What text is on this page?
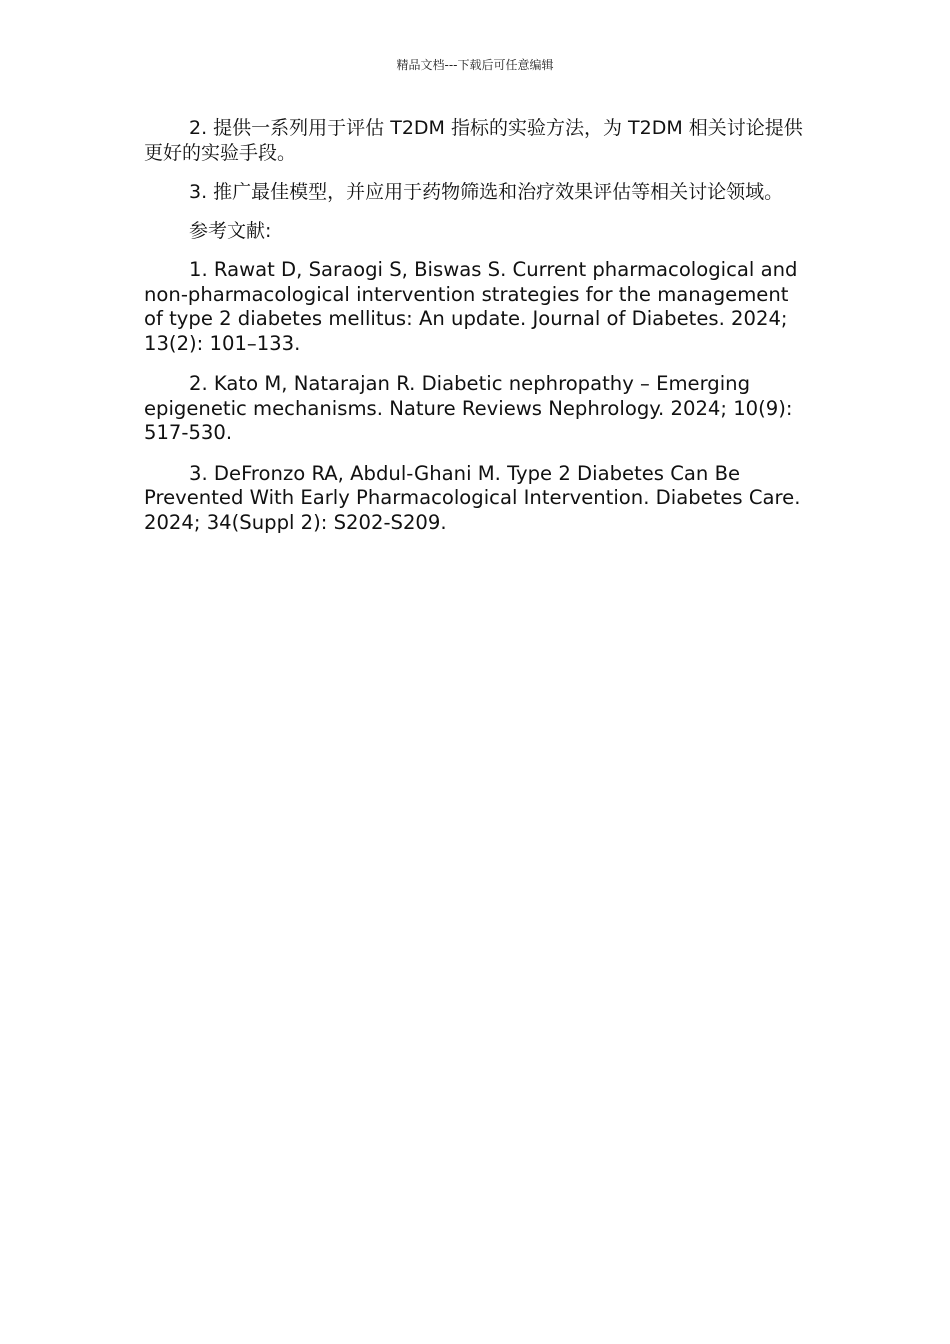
精品文档---下载后可任意编辑

2. 提供一系列用于评估 T2DM 指标的实验方法，为 T2DM 相关讨论提供更好的实验手段。

3. 推广最佳模型，并应用于药物筛选和治疗效果评估等相关讨论领域。

参考文献:

1. Rawat D, Saraogi S, Biswas S. Current pharmacological and non-pharmacological intervention strategies for the management of type 2 diabetes mellitus: An update. Journal of Diabetes. 2024; 13(2): 101–133.

2. Kato M, Natarajan R. Diabetic nephropathy – Emerging epigenetic mechanisms. Nature Reviews Nephrology. 2024; 10(9): 517-530.

3. DeFronzo RA, Abdul-Ghani M. Type 2 Diabetes Can Be Prevented With Early Pharmacological Intervention. Diabetes Care. 2024; 34(Suppl 2): S202-S209.
